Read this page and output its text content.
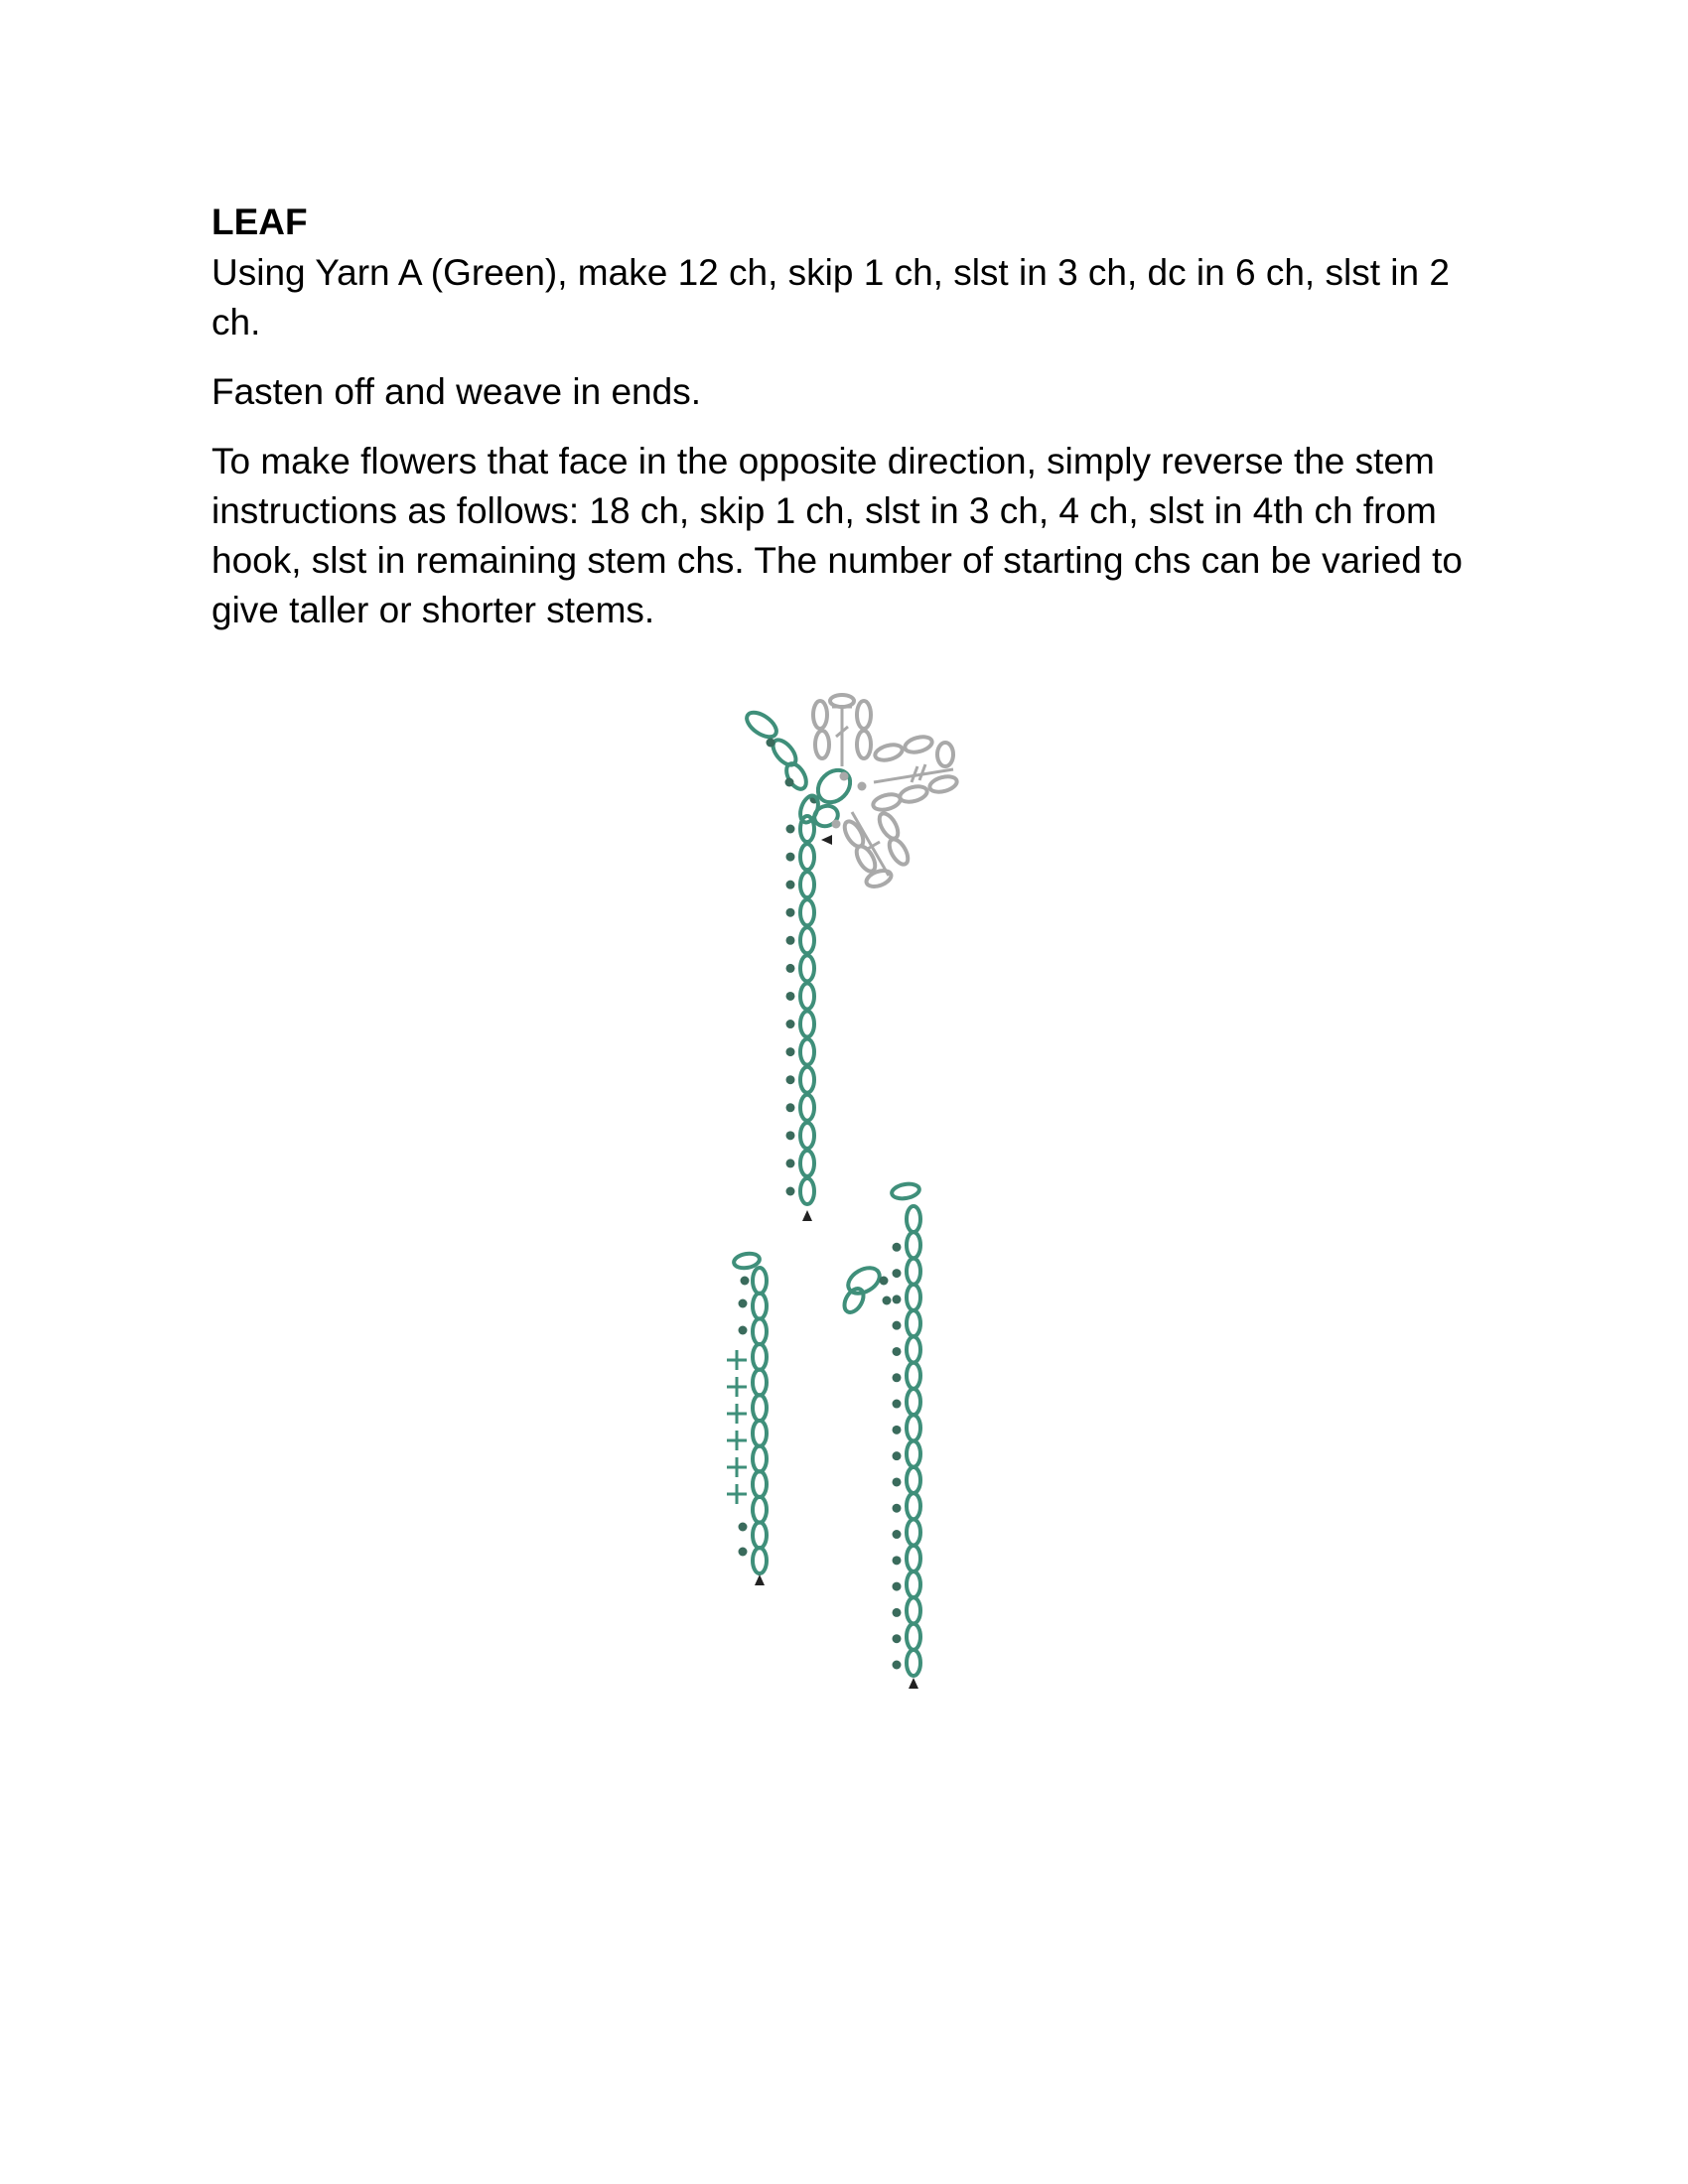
LEAF

Using Yarn A (Green), make 12 ch, skip 1 ch, slst in 3 ch, dc in 6 ch, slst in 2 ch.

Fasten off and weave in ends.

To make flowers that face in the opposite direction, simply reverse the stem instructions as follows: 18 ch, skip 1 ch, slst in 3 ch, 4 ch, slst in 4th ch from hook, slst in remaining stem chs. The number of starting chs can be varied to give taller or shorter stems.
